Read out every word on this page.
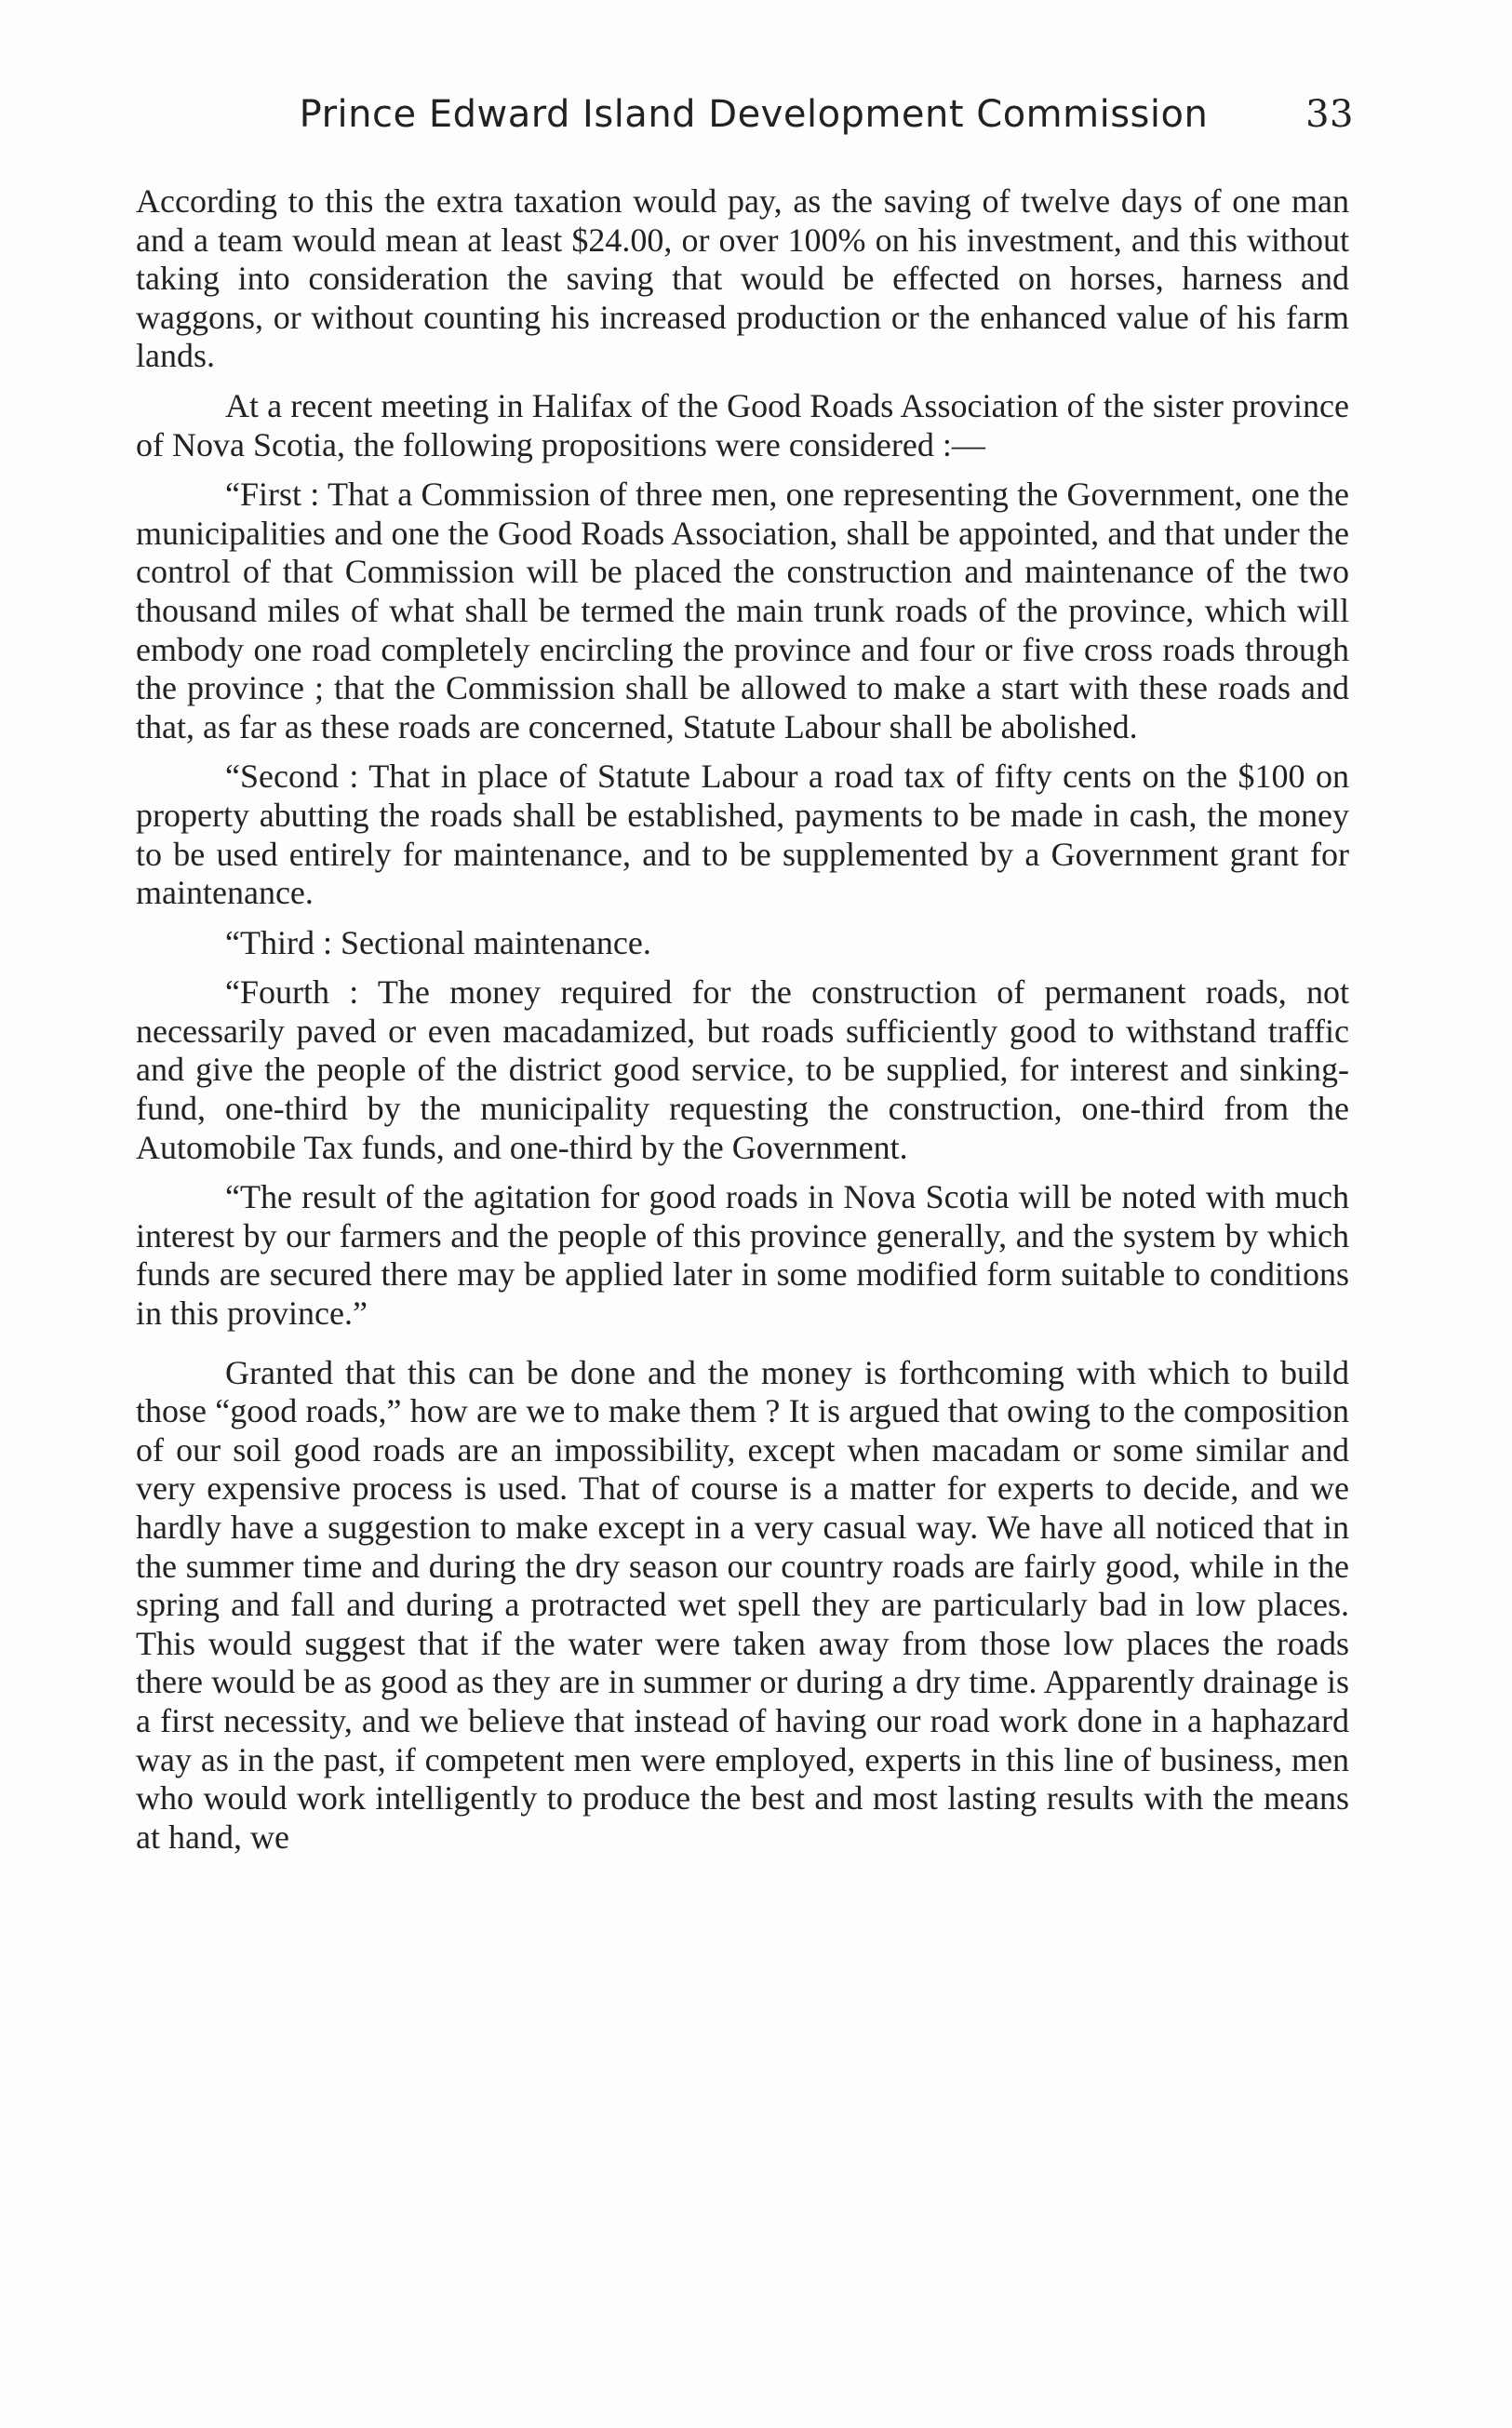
Prince Edward Island Development Commission	33

According to this the extra taxation would pay, as the saving of twelve days of one man and a team would mean at least $24.00, or over 100% on his investment, and this without taking into consideration the saving that would be effected on horses, harness and waggons, or without counting his increased production or the enhanced value of his farm lands.

At a recent meeting in Halifax of the Good Roads Association of the sister province of Nova Scotia, the following propositions were considered :—

“First : That a Commission of three men, one representing the Government, one the municipalities and one the Good Roads Association, shall be appointed, and that under the control of that Commission will be placed the construction and maintenance of the two thousand miles of what shall be termed the main trunk roads of the province, which will embody one road completely encircling the province and four or five cross roads through the province ; that the Commission shall be allowed to make a start with these roads and that, as far as these roads are concerned, Statute Labour shall be abolished.

“Second : That in place of Statute Labour a road tax of fifty cents on the $100 on property abutting the roads shall be established, payments to be made in cash, the money to be used entirely for maintenance, and to be supplemented by a Government grant for maintenance.

“Third : Sectional maintenance.

“Fourth : The money required for the construction of permanent roads, not necessarily paved or even macadamized, but roads sufficiently good to withstand traffic and give the people of the district good service, to be supplied, for interest and sinking-fund, one-third by the municipality requesting the construction, one-third from the Automobile Tax funds, and one-third by the Government.

“The result of the agitation for good roads in Nova Scotia will be noted with much interest by our farmers and the people of this province generally, and the system by which funds are secured there may be applied later in some modified form suitable to conditions in this province.”

Granted that this can be done and the money is forthcoming with which to build those “good roads,” how are we to make them ? It is argued that owing to the composition of our soil good roads are an impossibility, except when macadam or some similar and very expensive process is used. That of course is a matter for experts to decide, and we hardly have a suggestion to make except in a very casual way. We have all noticed that in the summer time and during the dry season our country roads are fairly good, while in the spring and fall and during a protracted wet spell they are particularly bad in low places. This would suggest that if the water were taken away from those low places the roads there would be as good as they are in summer or during a dry time. Apparently drainage is a first necessity, and we believe that instead of having our road work done in a haphazard way as in the past, if competent men were employed, experts in this line of business, men who would work intelligently to produce the best and most lasting results with the means at hand, we
